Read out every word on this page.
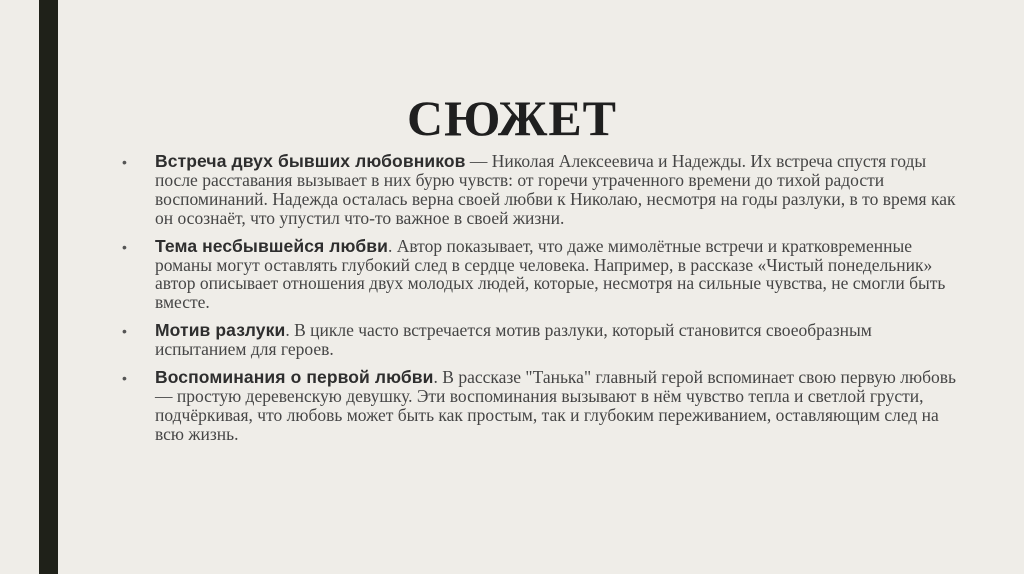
СЮЖЕТ
• Встреча двух бывших любовников — Николая Алексеевича и Надежды. Их встреча спустя годы после расставания вызывает в них бурю чувств: от горечи утраченного времени до тихой радости воспоминаний. Надежда осталась верна своей любви к Николаю, несмотря на годы разлуки, в то время как он осознаёт, что упустил что-то важное в своей жизни.
• Тема несбывшейся любви. Автор показывает, что даже мимолётные встречи и кратковременные романы могут оставлять глубокий след в сердце человека. Например, в рассказе «Чистый понедельник» автор описывает отношения двух молодых людей, которые, несмотря на сильные чувства, не смогли быть вместе.
• Мотив разлуки. В цикле часто встречается мотив разлуки, который становится своеобразным испытанием для героев.
• Воспоминания о первой любви. В рассказе "Танька" главный герой вспоминает свою первую любовь — простую деревенскую девушку. Эти воспоминания вызывают в нём чувство тепла и светлой грусти, подчёркивая, что любовь может быть как простым, так и глубоким переживанием, оставляющим след на всю жизнь.
